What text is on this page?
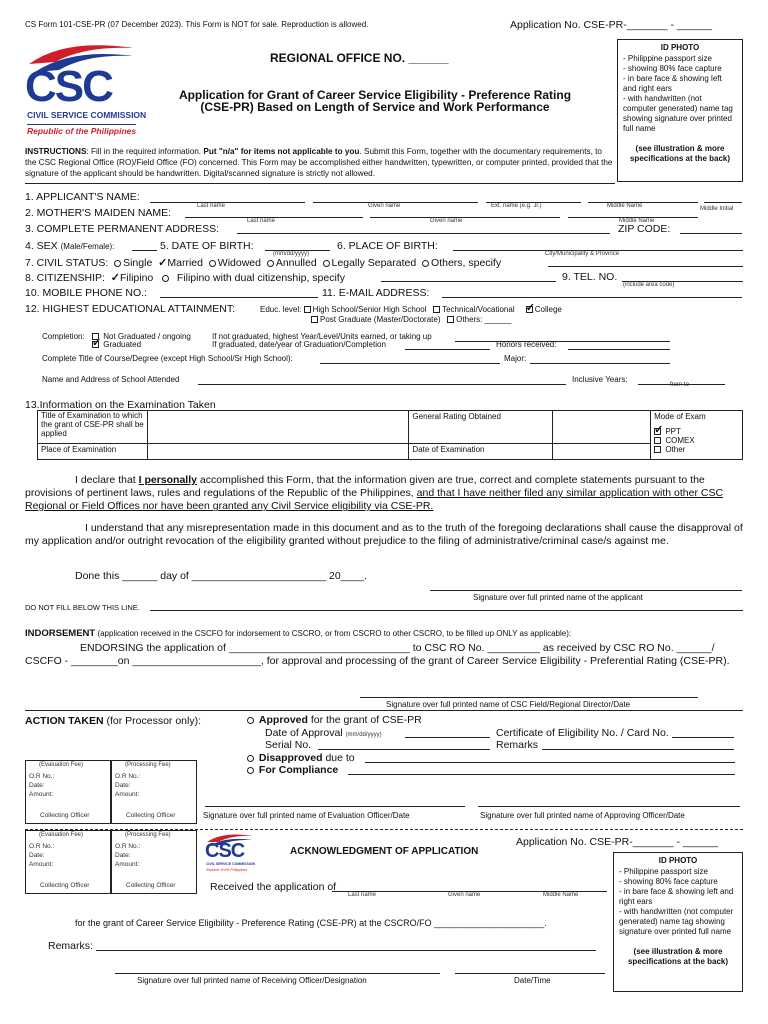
CS Form 101-CSE-PR (07 December 2023). This Form is NOT for sale. Reproduction is allowed.	Application No. CSE-PR-_______ - ______
CSC
CIVIL SERVICE COMMISSION
Republic of the Philippines
REGIONAL OFFICE NO. ______
Application for Grant of Career Service Eligibility - Preference Rating
(CSE-PR) Based on Length of Service and Work Performance
ID PHOTO
- Philippine passport size
- showing 80% face capture
- in bare face & showing left and right ears
- with handwritten (not computer generated) name tag showing signature over printed full name
(see illustration & more specifications at the back)
INSTRUCTIONS: Fill in the required information. Put "n/a" for items not applicable to you. Submit this Form, together with the documentary requirements, to the CSC Regional Office (RO)/Field Office (FO) concerned. This Form may be accomplished either handwritten, typewritten, or computer printed, provided that the signature of the applicant should be handwritten. Digital/scanned signature is strictly not allowed.
1. APPLICANT'S NAME:
Last name	Given name	Ext. name (e.g. Jr.)	Middle Name	Middle Initial
2. MOTHER'S MAIDEN NAME:
Last name	Given name	Middle Name
3. COMPLETE PERMANENT ADDRESS:	ZIP CODE:
4. SEX (Male/Female):	5. DATE OF BIRTH:
(mm/dd/yyyy)
6. PLACE OF BIRTH:
City/Municipality & Province
7. CIVIL STATUS: Single ✓Married Widowed Annulled Legally Separated Others, specify
8. CITIZENSHIP: ✓Filipino Filipino with dual citizenship, specify	9. TEL. NO.
(include area code)
10. MOBILE PHONE NO.:	11. E-MAIL ADDRESS:
12. HIGHEST EDUCATIONAL ATTAINMENT:	Educ. level: High School/Senior High School Technical/Vocational ✓	College
Post Graduate (Master/Doctorate) Others: ______
Completion:	Not Graduated / ongoing
✓ Graduated
If not graduated, highest Year/Level/Units earned, or taking up
If graduated, date/year of Graduation/Completion	Honors received:
Complete Title of Course/Degree (except High School/Sr High School):	Major:
Name and Address of School Attended	Inclusive Years:
from-to
13.Information on the Examination Taken
Title of Examination to which the grant of CSE-PR shall be applied		General Rating Obtained		Mode of Exam
✓ PPT
COMEX
Other

Place of Examination		Date of Examination		
I declare that I personally accomplished this Form, that the information given are true, correct and complete statements pursuant to the provisions of pertinent laws, rules and regulations of the Republic of the Philippines, and that I have neither filed any similar application with other CSC Regional or Field Offices nor have been granted any Civil Service eligibility via CSE-PR.
I understand that any misrepresentation made in this document and as to the truth of the foregoing declarations shall cause the disapproval of my application and/or outright revocation of the eligibility granted without prejudice to the filing of administrative/criminal case/s against me.
Done this ______ day of _______________________ 20____.
Signature over full printed name of the applicant
DO NOT FILL BELOW THIS LINE.
INDORSEMENT (application received in the CSCFO for indorsement to CSCRO, or from CSCRO to other CSCRO, to be filled up ONLY as applicable):
ENDORSING the application of _______________________________ to CSC RO No. _________ as received by CSC RO No. ______/
CSCFO - ________on ______________________, for approval and processing of the grant of Career Service Eligibility - Preferential Rating (CSE-PR).
Signature over full printed name of CSC Field/Regional Director/Date
ACTION TAKEN (for Processor only):	Approved for the grant of CSE-PR
Date of Approval (mm/dd/yyyy)	Certificate of Eligibility No. / Card No.
Serial No.	Remarks
Disapproved due to
For Compliance
Signature over full printed name of Evaluation Officer/Date	Signature over full printed name of Approving Officer/Date
(Evaluation Fee)
O.R No.:
Date:
Amount:
Collecting Officer
(Processing Fee)
O.R No.:
Date:
Amount:
Collecting Officer
(Evaluation Fee)
O.R No.:
Date:
Amount:
Collecting Officer
(Processing Fee)
O.R No.:
Date:
Amount:
Collecting Officer
CSC
CIVIL SERVICE COMMISSION
Republic of the Philippines
ACKNOWLEDGMENT OF APPLICATION
Application No. CSE-PR-_______ - ______
ID PHOTO
- Philippine passport size
- showing 80% face capture
- in bare face & showing left and right ears
- with handwritten (not computer generated) name tag showing signature over printed full name
(see illustration & more specifications at the back)
Received the application of
Last name	Given name	Middle Name
for the grant of Career Service Eligibility - Preference Rating (CSE-PR) at the CSCRO/FO ______________________.
Remarks:
Signature over full printed name of Receiving Officer/Designation	Date/Time
